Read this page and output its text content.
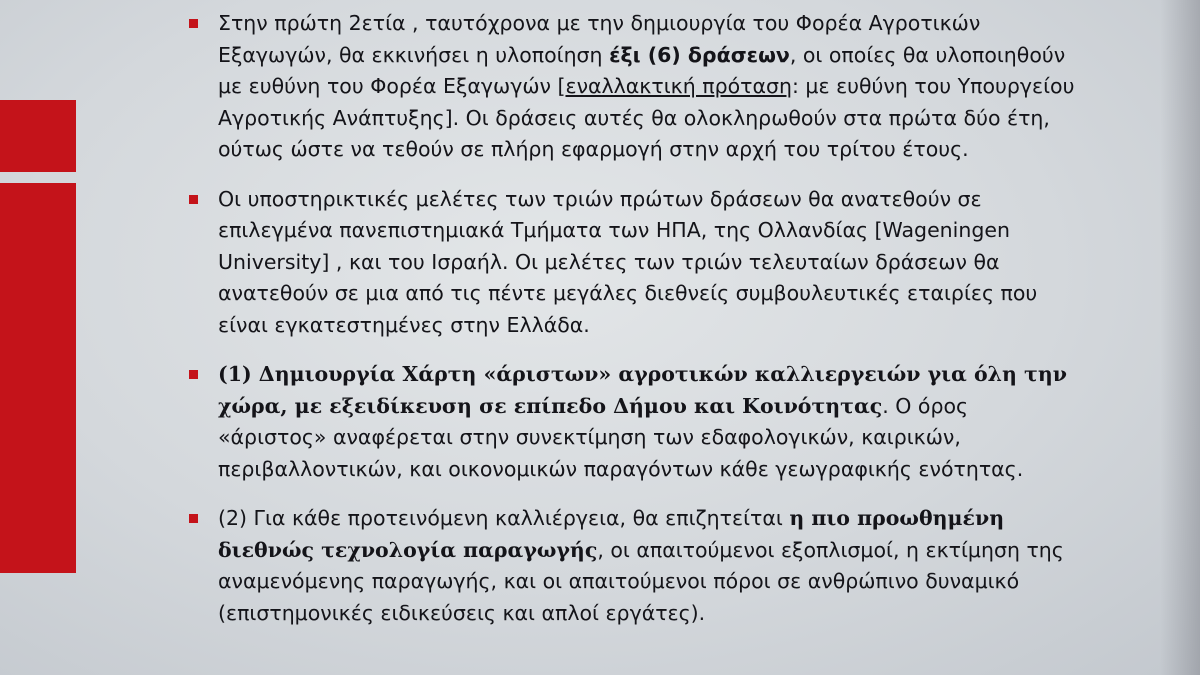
Στην πρώτη 2ετία , ταυτόχρονα με την δημιουργία του Φορέα Αγροτικών Εξαγωγών, θα εκκινήσει η υλοποίηση έξι (6) δράσεων, οι οποίες θα υλοποιηθούν με ευθύνη του Φορέα Εξαγωγών [εναλλακτική πρόταση: με ευθύνη του Υπουργείου Αγροτικής Ανάπτυξης]. Οι δράσεις αυτές θα ολοκληρωθούν στα πρώτα δύο έτη, ούτως ώστε να τεθούν σε πλήρη εφαρμογή στην αρχή του τρίτου έτους.
Οι υποστηρικτικές μελέτες των τριών πρώτων δράσεων θα ανατεθούν σε επιλεγμένα πανεπιστημιακά Τμήματα των ΗΠΑ, της Ολλανδίας [Wageningen University] , και του Ισραήλ. Οι μελέτες των τριών τελευταίων δράσεων θα ανατεθούν σε μια από τις πέντε μεγάλες διεθνείς συμβουλευτικές εταιρίες που είναι εγκατεστημένες στην Ελλάδα.
(1) Δημιουργία Χάρτη «άριστων» αγροτικών καλλιεργειών για όλη την χώρα, με εξειδίκευση σε επίπεδο Δήμου και Κοινότητας. Ο όρος «άριστος» αναφέρεται στην συνεκτίμηση των εδαφολογικών, καιρικών, περιβαλλοντικών, και οικονομικών παραγόντων κάθε γεωγραφικής ενότητας.
(2) Για κάθε προτεινόμενη καλλιέργεια, θα επιζητείται η πιο προωθημένη διεθνώς τεχνολογία παραγωγής, οι απαιτούμενοι εξοπλισμοί, η εκτίμηση της αναμενόμενης παραγωγής, και οι απαιτούμενοι πόροι σε ανθρώπινο δυναμικό (επιστημονικές ειδικεύσεις και απλοί εργάτες).
